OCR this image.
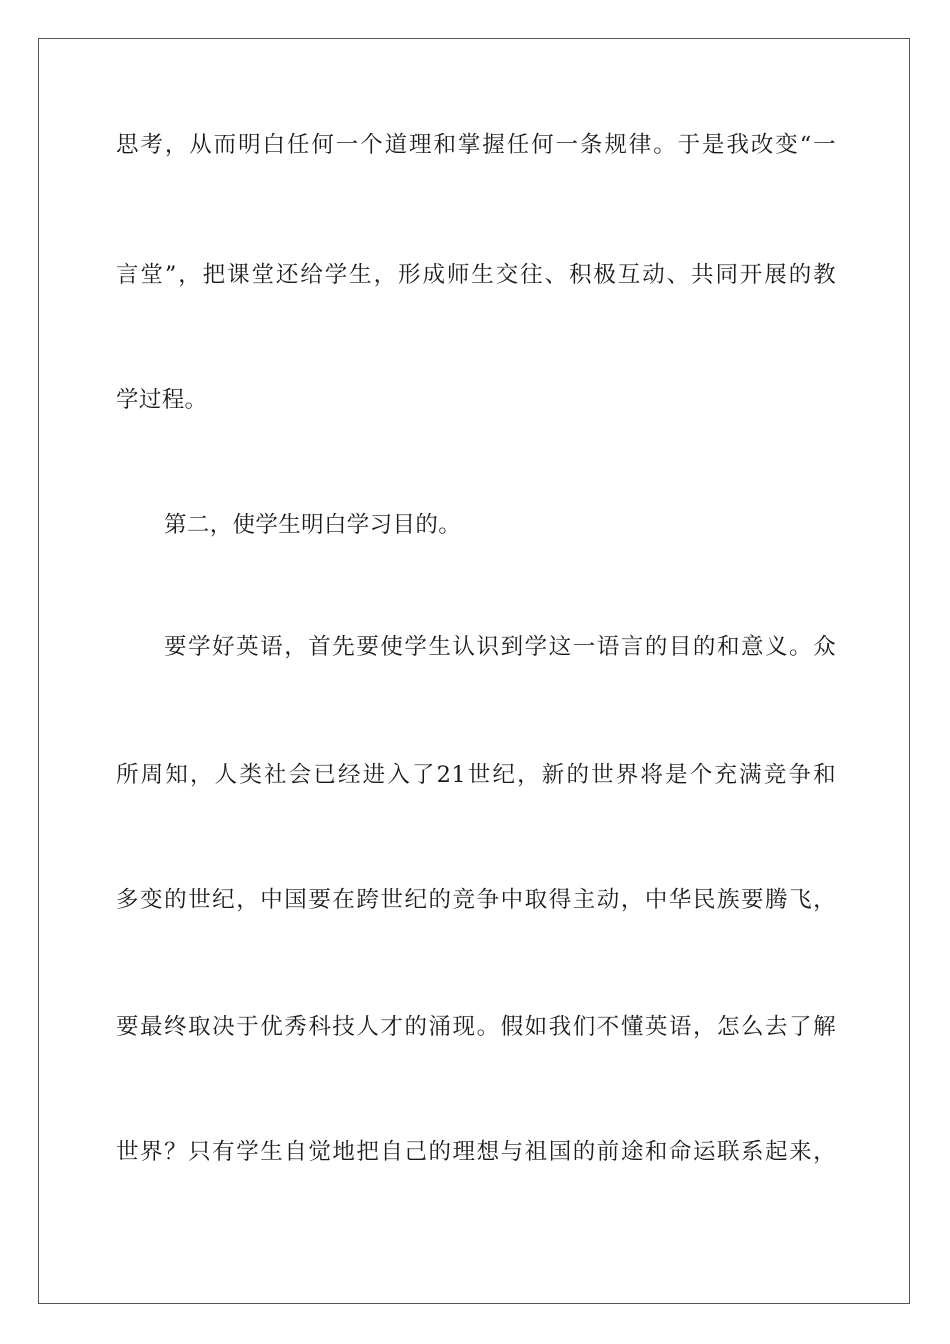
思考，从而明白任何一个道理和掌握任何一条规律。于是我改变“一
言堂”，把课堂还给学生，形成师生交往、积极互动、共同开展的教
学过程。
第二，使学生明白学习目的。
要学好英语，首先要使学生认识到学这一语言的目的和意义。众
所周知，人类社会已经进入了21世纪，新的世界将是个充满竞争和
多变的世纪，中国要在跨世纪的竞争中取得主动，中华民族要腾飞，
要最终取决于优秀科技人才的涌现。假如我们不懂英语，怎么去了解
世界？只有学生自觉地把自己的理想与祖国的前途和命运联系起来，
